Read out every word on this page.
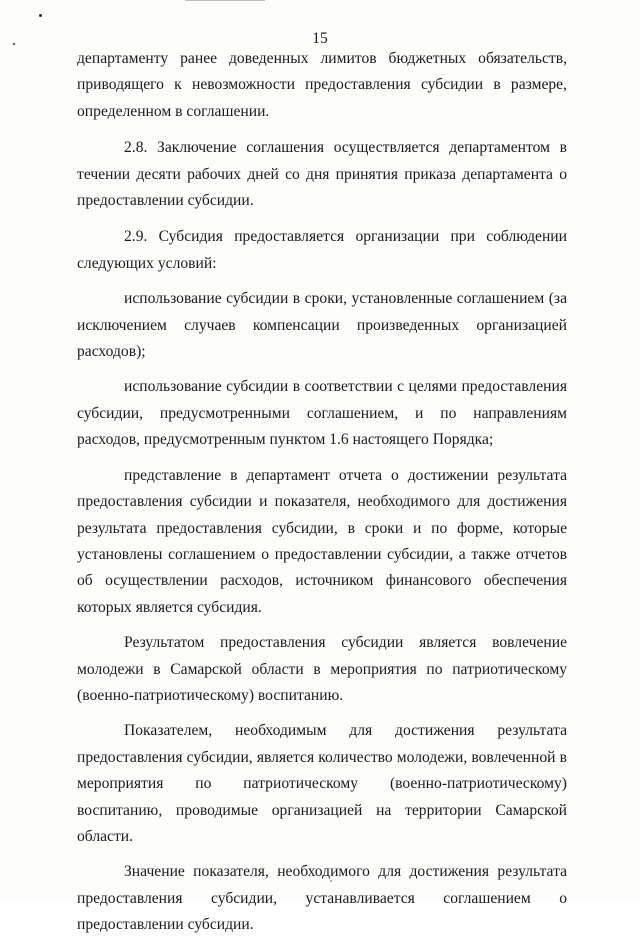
15

департаменту ранее доведенных лимитов бюджетных обязательств, приводящего к невозможности предоставления субсидии в размере, определенном в соглашении.

2.8. Заключение соглашения осуществляется департаментом в течении десяти рабочих дней со дня принятия приказа департамента о предоставлении субсидии.

2.9. Субсидия предоставляется организации при соблюдении следующих условий:

использование субсидии в сроки, установленные соглашением (за исключением случаев компенсации произведенных организацией расходов);

использование субсидии в соответствии с целями предоставления субсидии, предусмотренными соглашением, и по направлениям расходов, предусмотренным пунктом 1.6 настоящего Порядка;

представление в департамент отчета о достижении результата предоставления субсидии и показателя, необходимого для достижения результата предоставления субсидии, в сроки и по форме, которые установлены соглашением о предоставлении субсидии, а также отчетов об осуществлении расходов, источником финансового обеспечения которых является субсидия.

Результатом предоставления субсидии является вовлечение молодежи в Самарской области в мероприятия по патриотическому (военно-патриотическому) воспитанию.

Показателем, необходимым для достижения результата предоставления субсидии, является количество молодежи, вовлеченной в мероприятия по патриотическому (военно-патриотическому) воспитанию, проводимые организацией на территории Самарской области.

Значение показателя, необходимого для достижения результата предоставления субсидии, устанавливается соглашением о предоставлении субсидии.
